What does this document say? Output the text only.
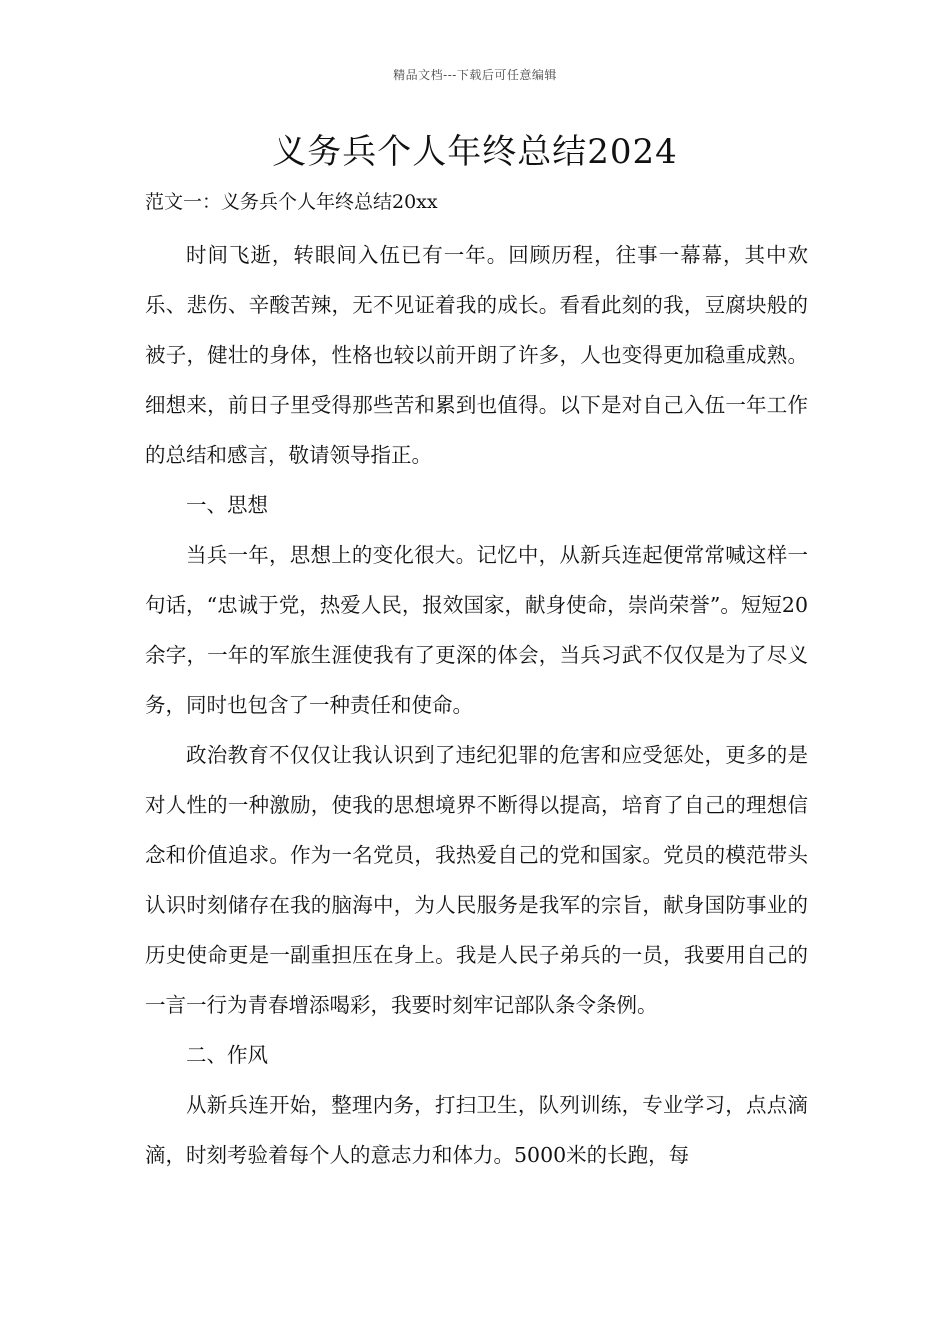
精品文档---下载后可任意编辑
义务兵个人年终总结2024
范文一：义务兵个人年终总结20xx

时间飞逝，转眼间入伍已有一年。回顾历程，往事一幕幕，其中欢乐、悲伤、辛酸苦辣，无不见证着我的成长。看看此刻的我，豆腐块般的被子，健壮的身体，性格也较以前开朗了许多，人也变得更加稳重成熟。细想来，前日子里受得那些苦和累到也值得。以下是对自己入伍一年工作的总结和感言，敬请领导指正。

一、思想

当兵一年，思想上的变化很大。记忆中，从新兵连起便常常喊这样一句话，“忠诚于党，热爱人民，报效国家，献身使命，崇尚荣誉”。短短20余字，一年的军旅生涯使我有了更深的体会，当兵习武不仅仅是为了尽义务，同时也包含了一种责任和使命。

政治教育不仅仅让我认识到了违纪犯罪的危害和应受惩处，更多的是对人性的一种激励，使我的思想境界不断得以提高，培育了自己的理想信念和价值追求。作为一名党员，我热爱自己的党和国家。党员的模范带头认识时刻储存在我的脑海中，为人民服务是我军的宗旨，献身国防事业的历史使命更是一副重担压在身上。我是人民子弟兵的一员，我要用自己的一言一行为青春增添喝彩，我要时刻牢记部队条令条例。

二、作风

从新兵连开始，整理内务，打扫卫生，队列训练，专业学习，点点滴滴，时刻考验着每个人的意志力和体力。5000米的长跑，每
